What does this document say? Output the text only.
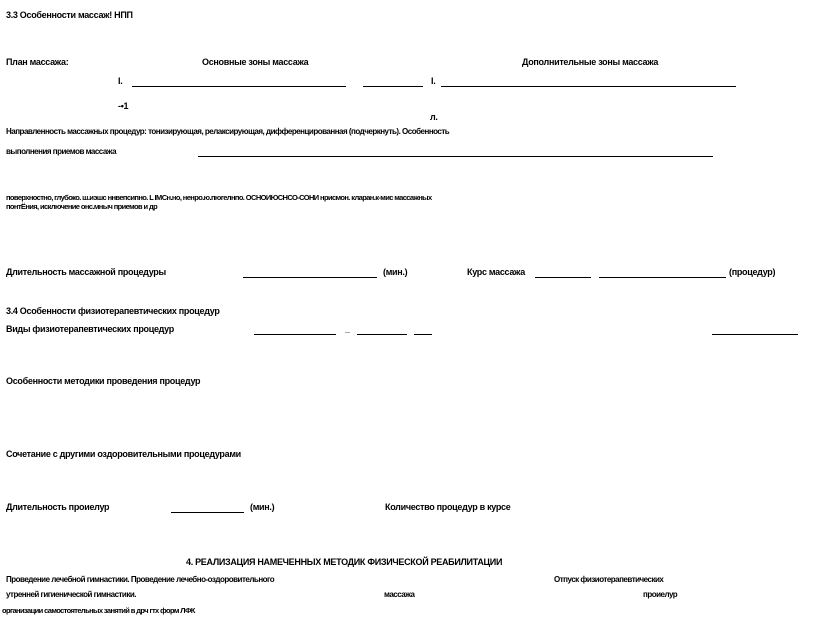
3.3 Особенности массаж! НПП
План массажа:	Основные зоны массажа	Дополнительные зоны массажа
I.	I.
-•1
л.
Направленность массажных процедур: тонизирующая, релаксирующая, дифференцированная (подчеркнуть). Особенность
выполнения приемов массажа
поверхностно, глубоко. ш.иэшс ннвепсипно. L IMCн.но, ненро.ю.пюгелнпо. ОСНОИЮСНСО-СОНИ нрисмон. кларан.к-мис массажных
понтЁния, исключение онс.мныч приемов и др
Длительность массажной процедуры	(мин.)	Курс массажа	(процедур)
3.4 Особенности физиотерапевтических процедур
Виды физиотерапевтических процедур	_
Особенности методики проведения процедур
Сочетание с другими оздоровительными процедурами
Длительность проиелур	(мин.)	Количество процедур в курсе
4. РЕАЛИЗАЦИЯ НАМЕЧЕННЫХ МЕТОДИК ФИЗИЧЕСКОЙ РЕАБИЛИТАЦИИ
Проведение лечебной гимнастики. Проведение лечебно-оздоровительного	Отпуск физиотерапевтических
утренней гигиенической гимнастики.	массажа	проиелур
организации самостоятельных занятий в дрч гтх форм ЛФК
